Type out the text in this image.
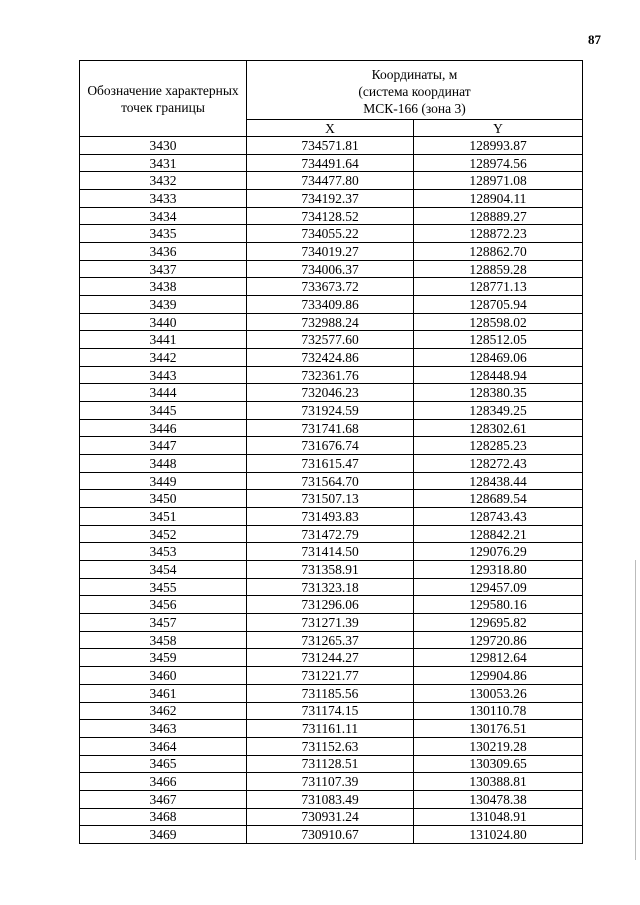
87
Обозначение характерных точек границы	Координаты, м
(система координат
МСК-166 (зона 3)	

	X	Y
3430	734571.81	128993.87
3431	734491.64	128974.56
3432	734477.80	128971.08
3433	734192.37	128904.11
3434	734128.52	128889.27
3435	734055.22	128872.23
3436	734019.27	128862.70
3437	734006.37	128859.28
3438	733673.72	128771.13
3439	733409.86	128705.94
3440	732988.24	128598.02
3441	732577.60	128512.05
3442	732424.86	128469.06
3443	732361.76	128448.94
3444	732046.23	128380.35
3445	731924.59	128349.25
3446	731741.68	128302.61
3447	731676.74	128285.23
3448	731615.47	128272.43
3449	731564.70	128438.44
3450	731507.13	128689.54
3451	731493.83	128743.43
3452	731472.79	128842.21
3453	731414.50	129076.29
3454	731358.91	129318.80
3455	731323.18	129457.09
3456	731296.06	129580.16
3457	731271.39	129695.82
3458	731265.37	129720.86
3459	731244.27	129812.64
3460	731221.77	129904.86
3461	731185.56	130053.26
3462	731174.15	130110.78
3463	731161.11	130176.51
3464	731152.63	130219.28
3465	731128.51	130309.65
3466	731107.39	130388.81
3467	731083.49	130478.38
3468	730931.24	131048.91
3469	730910.67	131024.80
